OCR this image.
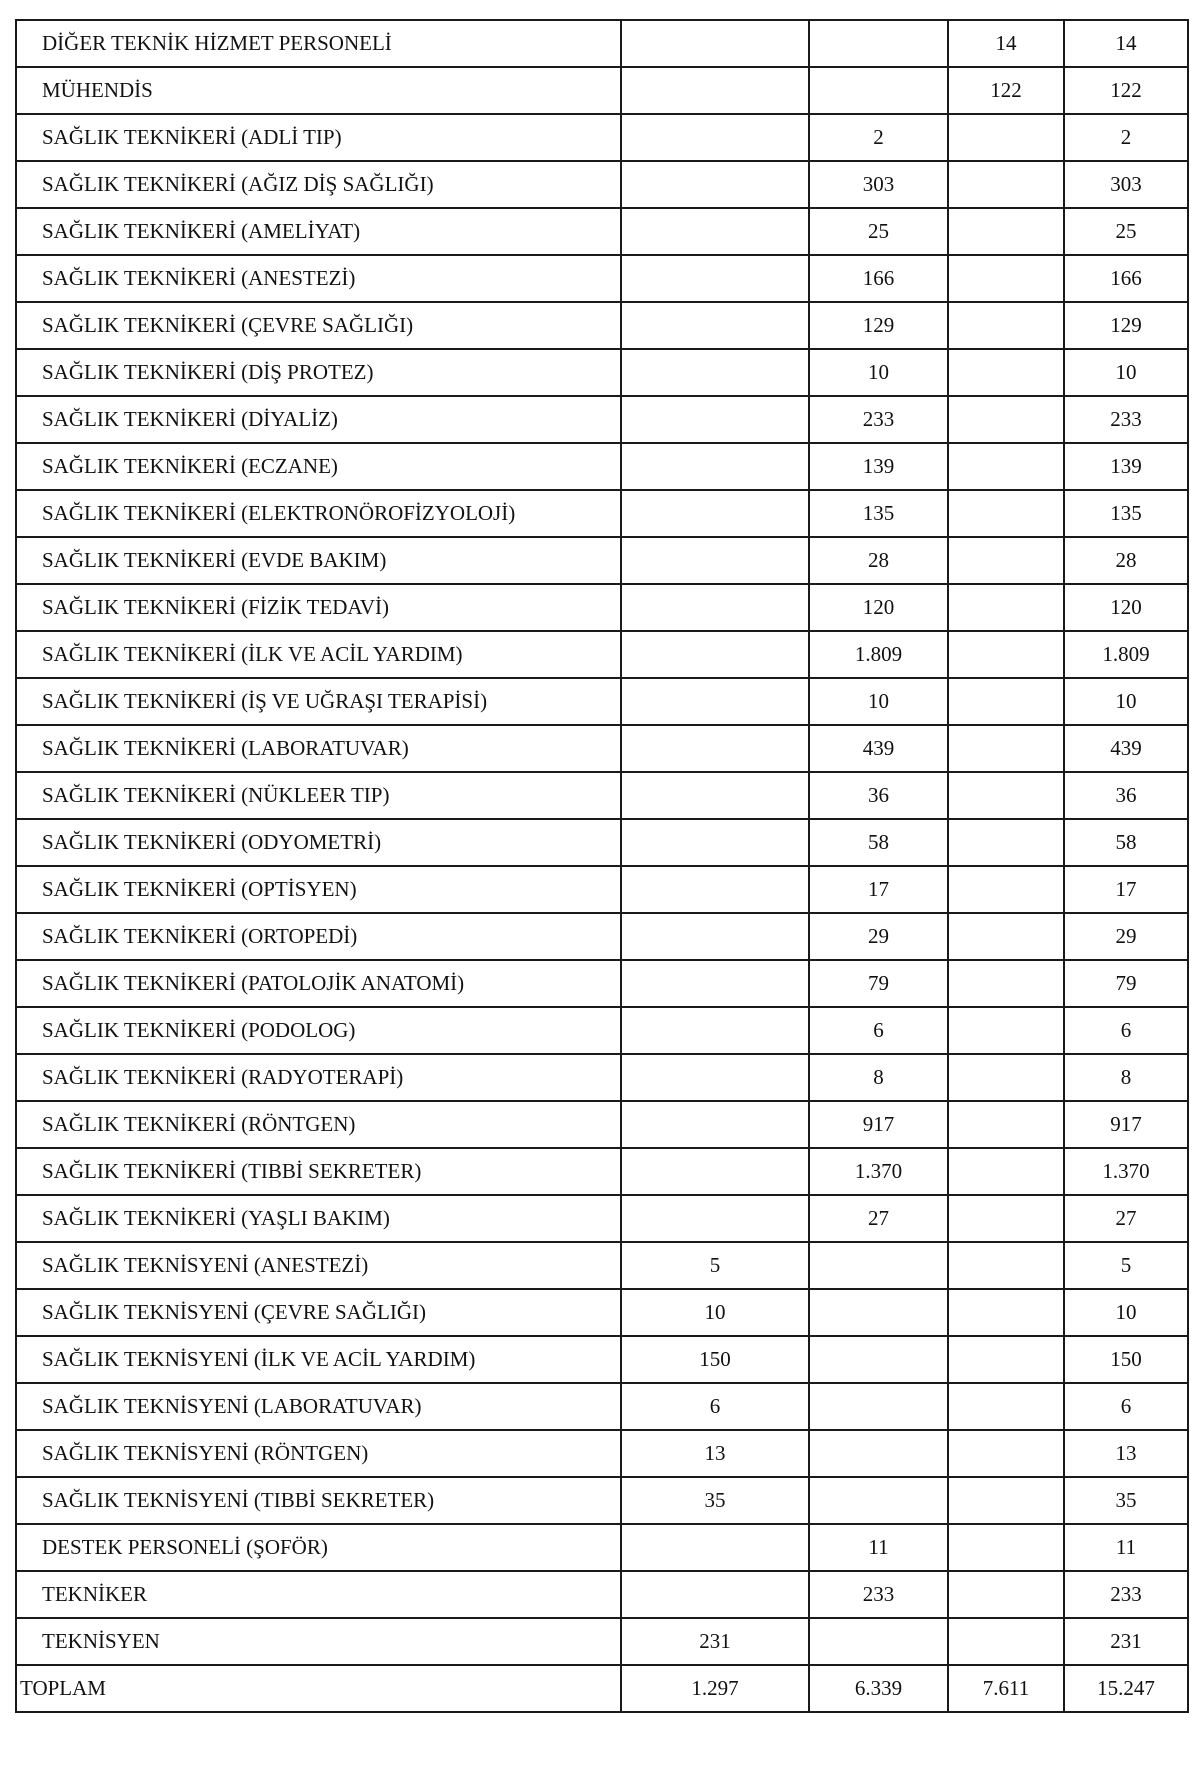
DİĞER TEKNİK HİZMET PERSONELİ			14	14
MÜHENDİS			122	122
SAĞLIK TEKNİKERİ (ADLİ TIP)		2		2
SAĞLIK TEKNİKERİ (AĞIZ DİŞ SAĞLIĞI)		303		303
SAĞLIK TEKNİKERİ (AMELİYAT)		25		25
SAĞLIK TEKNİKERİ (ANESTEZİ)		166		166
SAĞLIK TEKNİKERİ (ÇEVRE SAĞLIĞI)		129		129
SAĞLIK TEKNİKERİ (DİŞ PROTEZ)		10		10
SAĞLIK TEKNİKERİ (DİYALİZ)		233		233
SAĞLIK TEKNİKERİ (ECZANE)		139		139
SAĞLIK TEKNİKERİ (ELEKTRONÖROFİZYOLOJİ)		135		135
SAĞLIK TEKNİKERİ (EVDE BAKIM)		28		28
SAĞLIK TEKNİKERİ (FİZİK TEDAVİ)		120		120
SAĞLIK TEKNİKERİ (İLK VE ACİL YARDIM)		1.809		1.809
SAĞLIK TEKNİKERİ (İŞ VE UĞRAŞI TERAPİSİ)		10		10
SAĞLIK TEKNİKERİ (LABORATUVAR)		439		439
SAĞLIK TEKNİKERİ (NÜKLEER TIP)		36		36
SAĞLIK TEKNİKERİ (ODYOMETRİ)		58		58
SAĞLIK TEKNİKERİ (OPTİSYEN)		17		17
SAĞLIK TEKNİKERİ (ORTOPEDİ)		29		29
SAĞLIK TEKNİKERİ (PATOLOJİK ANATOMİ)		79		79
SAĞLIK TEKNİKERİ (PODOLOG)		6		6
SAĞLIK TEKNİKERİ (RADYOTERAPİ)		8		8
SAĞLIK TEKNİKERİ (RÖNTGEN)		917		917
SAĞLIK TEKNİKERİ (TIBBİ SEKRETER)		1.370		1.370
SAĞLIK TEKNİKERİ (YAŞLI BAKIM)		27		27
SAĞLIK TEKNİSYENİ (ANESTEZİ)	5			5
SAĞLIK TEKNİSYENİ (ÇEVRE SAĞLIĞI)	10			10
SAĞLIK TEKNİSYENİ (İLK VE ACİL YARDIM)	150			150
SAĞLIK TEKNİSYENİ (LABORATUVAR)	6			6
SAĞLIK TEKNİSYENİ (RÖNTGEN)	13			13
SAĞLIK TEKNİSYENİ (TIBBİ SEKRETER)	35			35
DESTEK PERSONELİ (ŞOFÖR)		11		11
TEKNİKER		233		233
TEKNİSYEN	231			231
TOPLAM	1.297	6.339	7.611	15.247
